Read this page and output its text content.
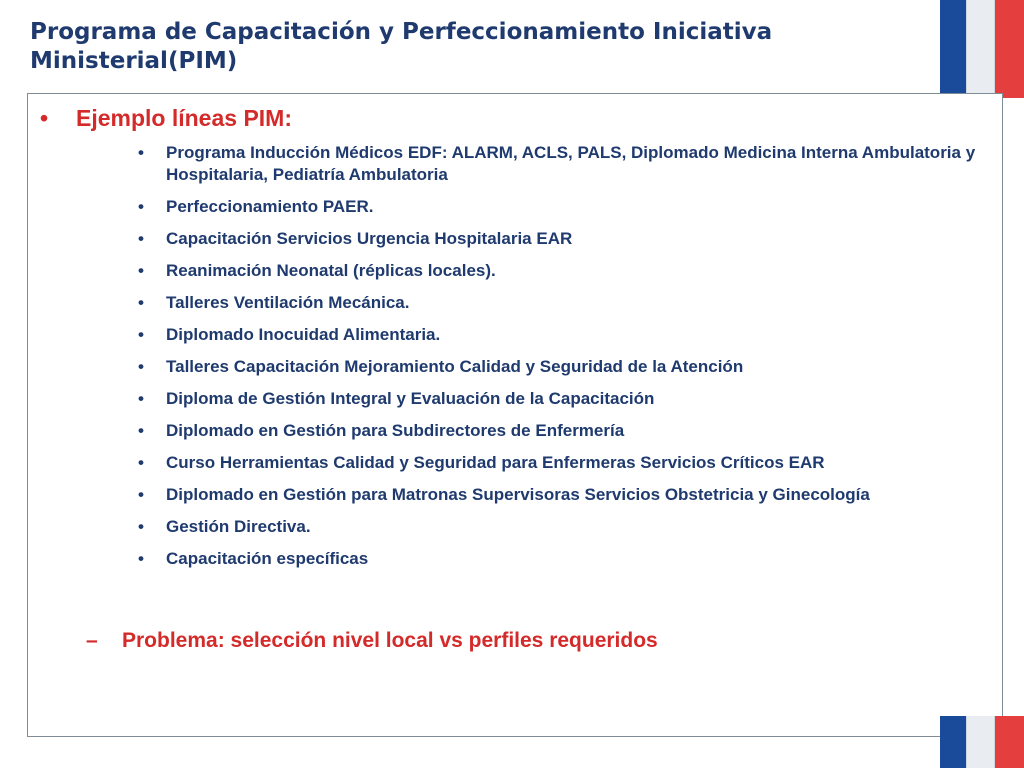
Programa de Capacitación y Perfeccionamiento Iniciativa Ministerial(PIM)
•	Ejemplo líneas PIM:
• Programa Inducción Médicos EDF: ALARM, ACLS, PALS, Diplomado Medicina Interna Ambulatoria y Hospitalaria, Pediatría Ambulatoria
• Perfeccionamiento PAER.
• Capacitación Servicios Urgencia Hospitalaria EAR
• Reanimación Neonatal (réplicas locales).
• Talleres Ventilación Mecánica.
• Diplomado Inocuidad Alimentaria.
• Talleres Capacitación Mejoramiento Calidad y Seguridad de la Atención
• Diploma de Gestión Integral y Evaluación de la Capacitación
• Diplomado en Gestión para Subdirectores de Enfermería
• Curso Herramientas Calidad y Seguridad para Enfermeras Servicios Críticos EAR
• Diplomado en Gestión para Matronas Supervisoras Servicios Obstetricia y Ginecología
• Gestión Directiva.
• Capacitación específicas
–	Problema: selección nivel local vs perfiles requeridos
